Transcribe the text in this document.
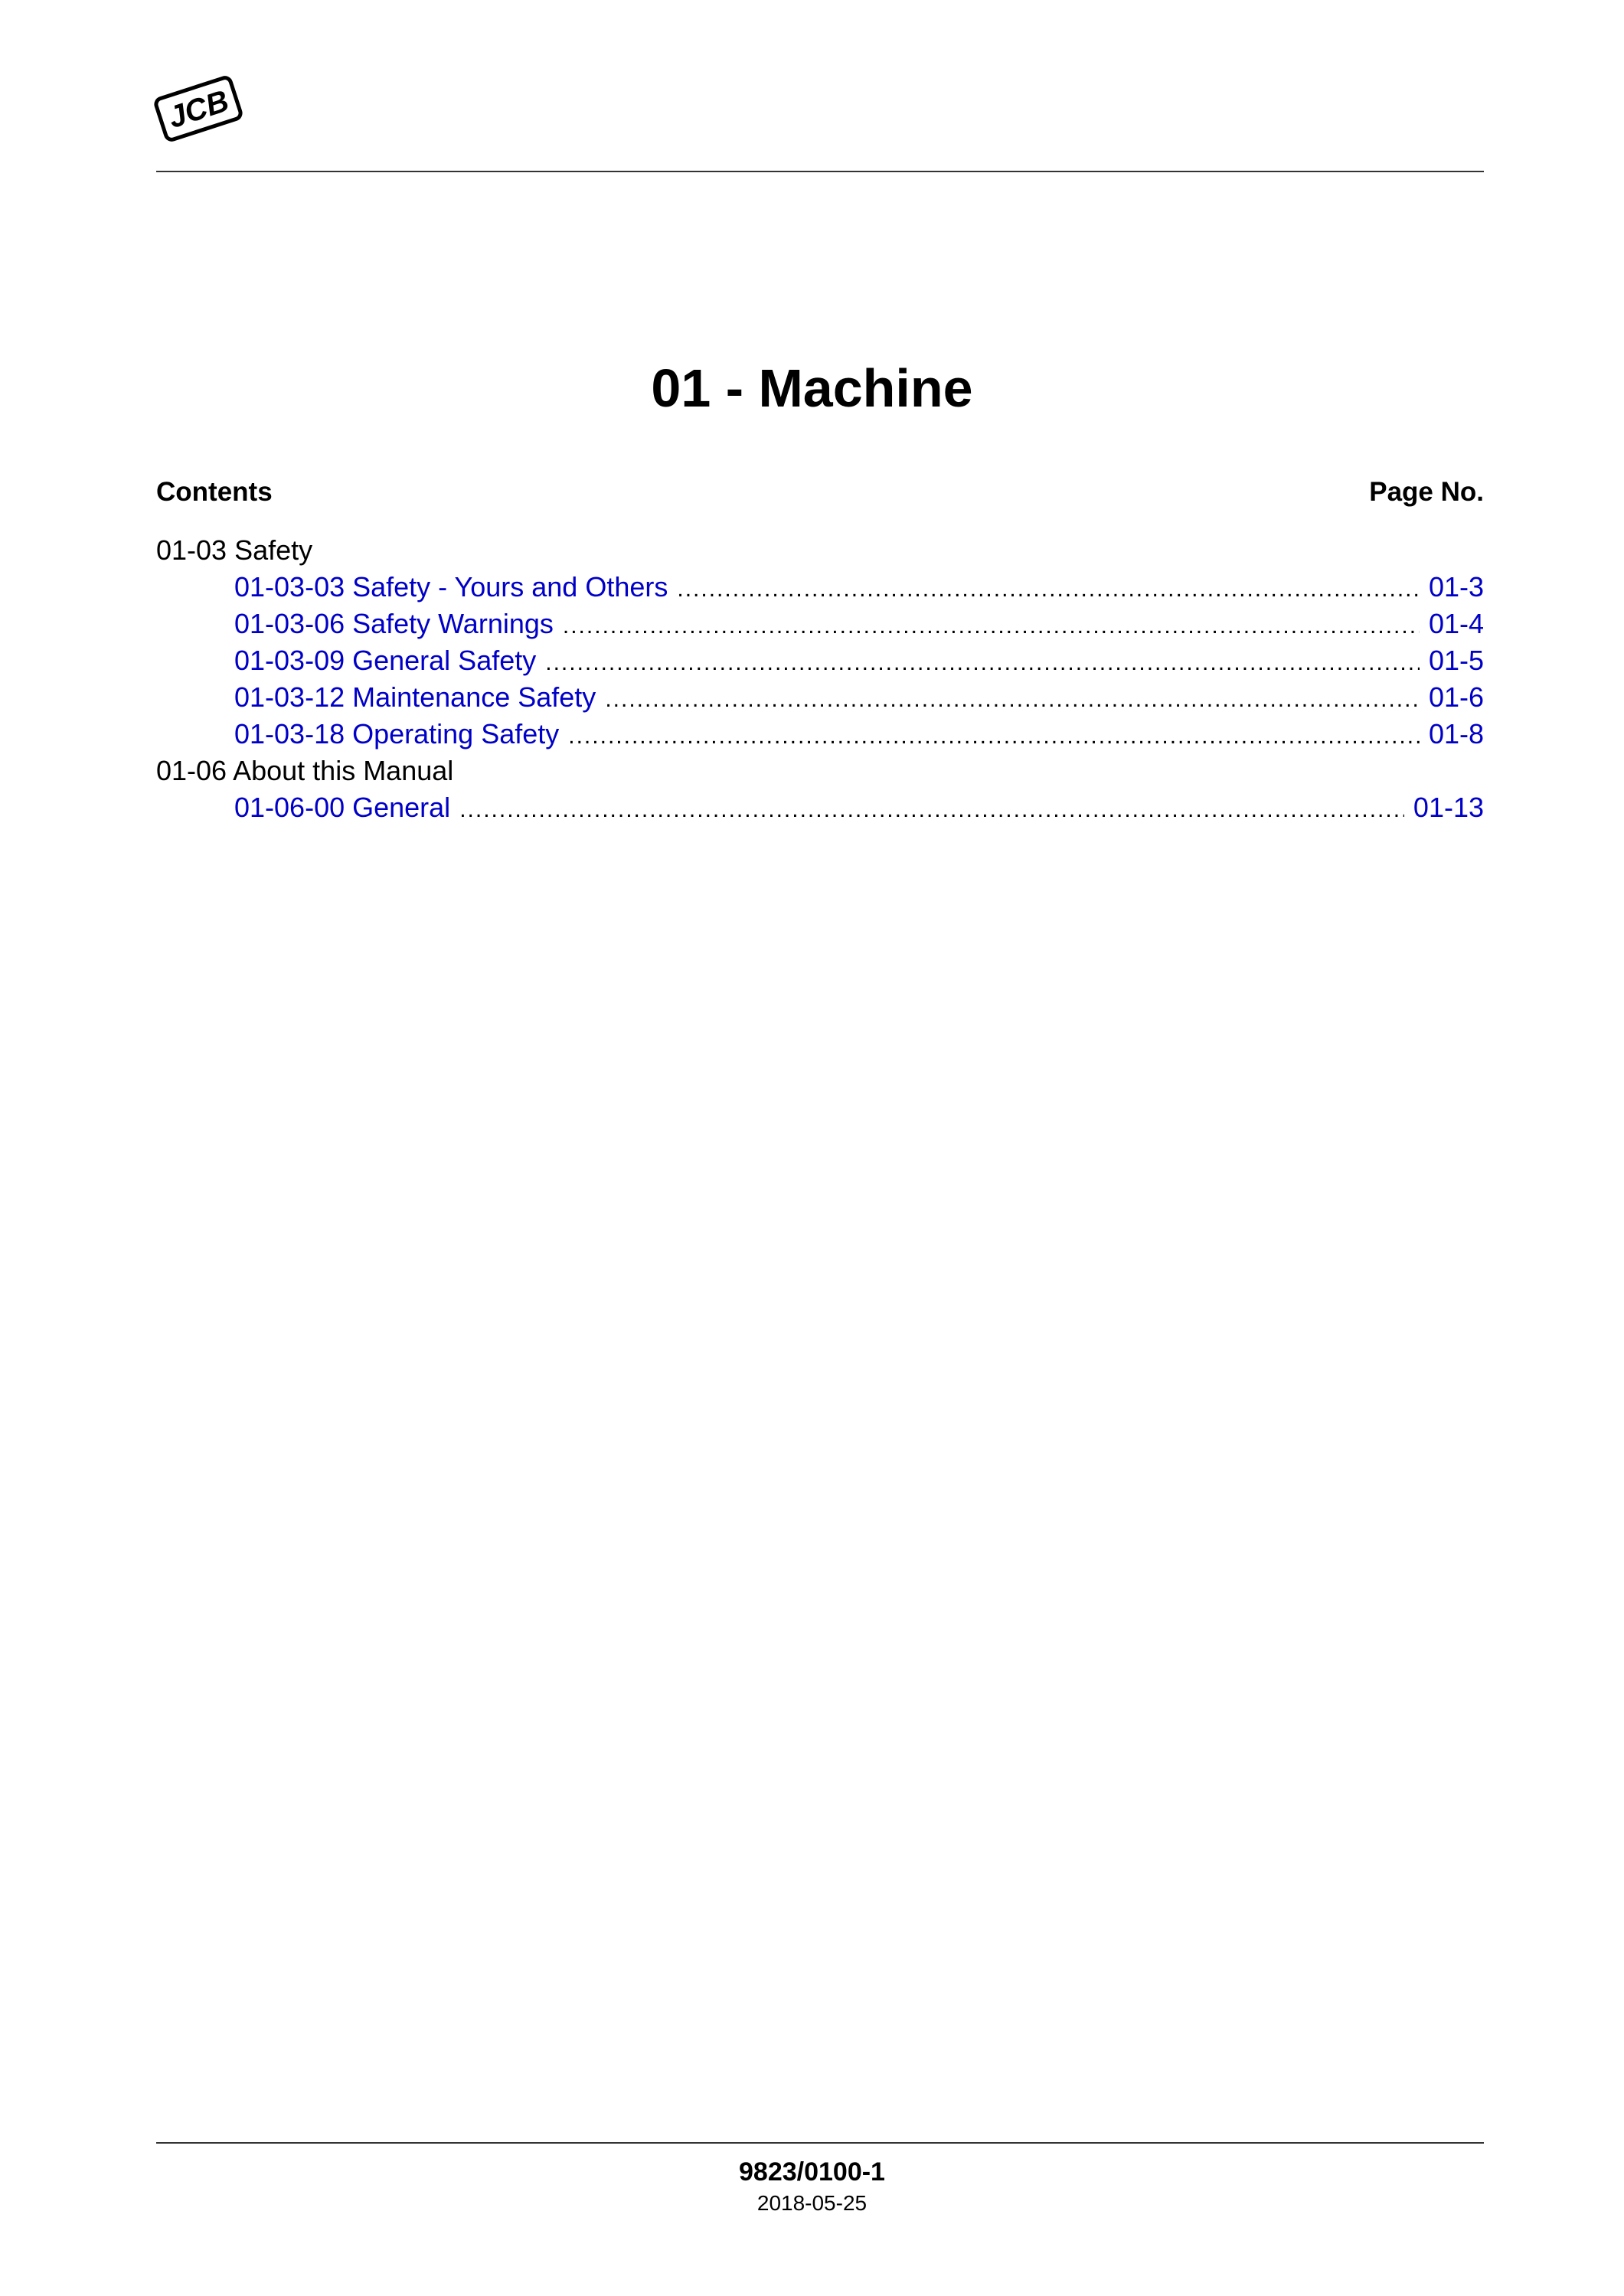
JCB
01 - Machine
Contents	Page No.
01-03 Safety
01-03-03 Safety - Yours and Others .....	01-3
01-03-06 Safety Warnings .....	01-4
01-03-09 General Safety .....	01-5
01-03-12 Maintenance Safety .....	01-6
01-03-18 Operating Safety .....	01-8
01-06 About this Manual
01-06-00 General .....	01-13
9823/0100-1
2018-05-25
